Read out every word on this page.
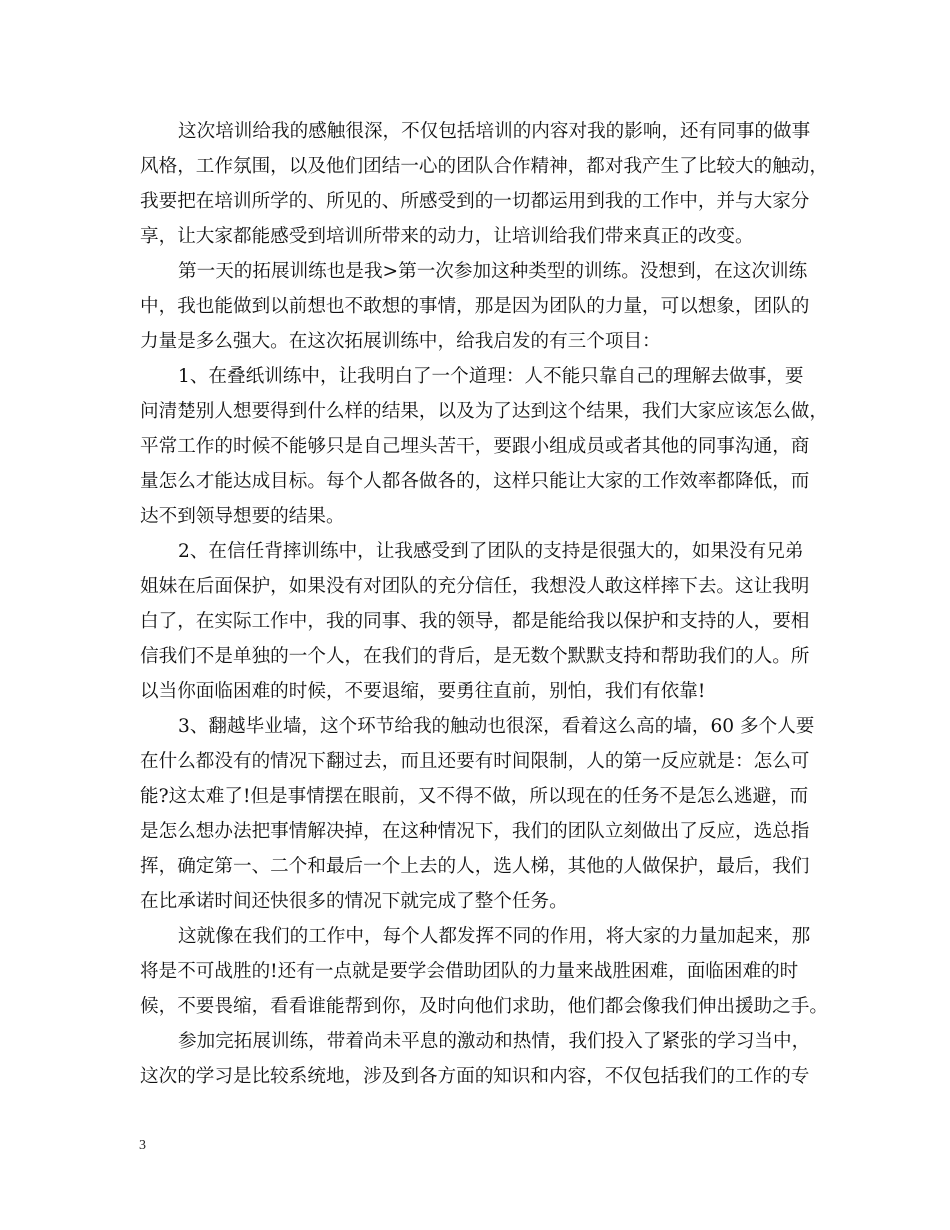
这次培训给我的感触很深，不仅包括培训的内容对我的影响，还有同事的做事
风格，工作氛围，以及他们团结一心的团队合作精神，都对我产生了比较大的触动，
我要把在培训所学的、所见的、所感受到的一切都运用到我的工作中，并与大家分
享，让大家都能感受到培训所带来的动力，让培训给我们带来真正的改变。
第一天的拓展训练也是我>第一次参加这种类型的训练。没想到，在这次训练
中，我也能做到以前想也不敢想的事情，那是因为团队的力量，可以想象，团队的
力量是多么强大。在这次拓展训练中，给我启发的有三个项目：
1、在叠纸训练中，让我明白了一个道理：人不能只靠自己的理解去做事，要
问清楚别人想要得到什么样的结果，以及为了达到这个结果，我们大家应该怎么做，
平常工作的时候不能够只是自己埋头苦干，要跟小组成员或者其他的同事沟通，商
量怎么才能达成目标。每个人都各做各的，这样只能让大家的工作效率都降低，而
达不到领导想要的结果。
2、在信任背摔训练中，让我感受到了团队的支持是很强大的，如果没有兄弟
姐妹在后面保护，如果没有对团队的充分信任，我想没人敢这样摔下去。这让我明
白了，在实际工作中，我的同事、我的领导，都是能给我以保护和支持的人，要相
信我们不是单独的一个人，在我们的背后，是无数个默默支持和帮助我们的人。所
以当你面临困难的时候，不要退缩，要勇往直前，别怕，我们有依靠!
3、翻越毕业墙，这个环节给我的触动也很深，看着这么高的墙，60 多个人要
在什么都没有的情况下翻过去，而且还要有时间限制，人的第一反应就是：怎么可
能?这太难了!但是事情摆在眼前，又不得不做，所以现在的任务不是怎么逃避，而
是怎么想办法把事情解决掉，在这种情况下，我们的团队立刻做出了反应，选总指
挥，确定第一、二个和最后一个上去的人，选人梯，其他的人做保护，最后，我们
在比承诺时间还快很多的情况下就完成了整个任务。
这就像在我们的工作中，每个人都发挥不同的作用，将大家的力量加起来，那
将是不可战胜的!还有一点就是要学会借助团队的力量来战胜困难，面临困难的时
候，不要畏缩，看看谁能帮到你，及时向他们求助，他们都会像我们伸出援助之手。
参加完拓展训练，带着尚未平息的激动和热情，我们投入了紧张的学习当中，
这次的学习是比较系统地，涉及到各方面的知识和内容，不仅包括我们的工作的专
3
